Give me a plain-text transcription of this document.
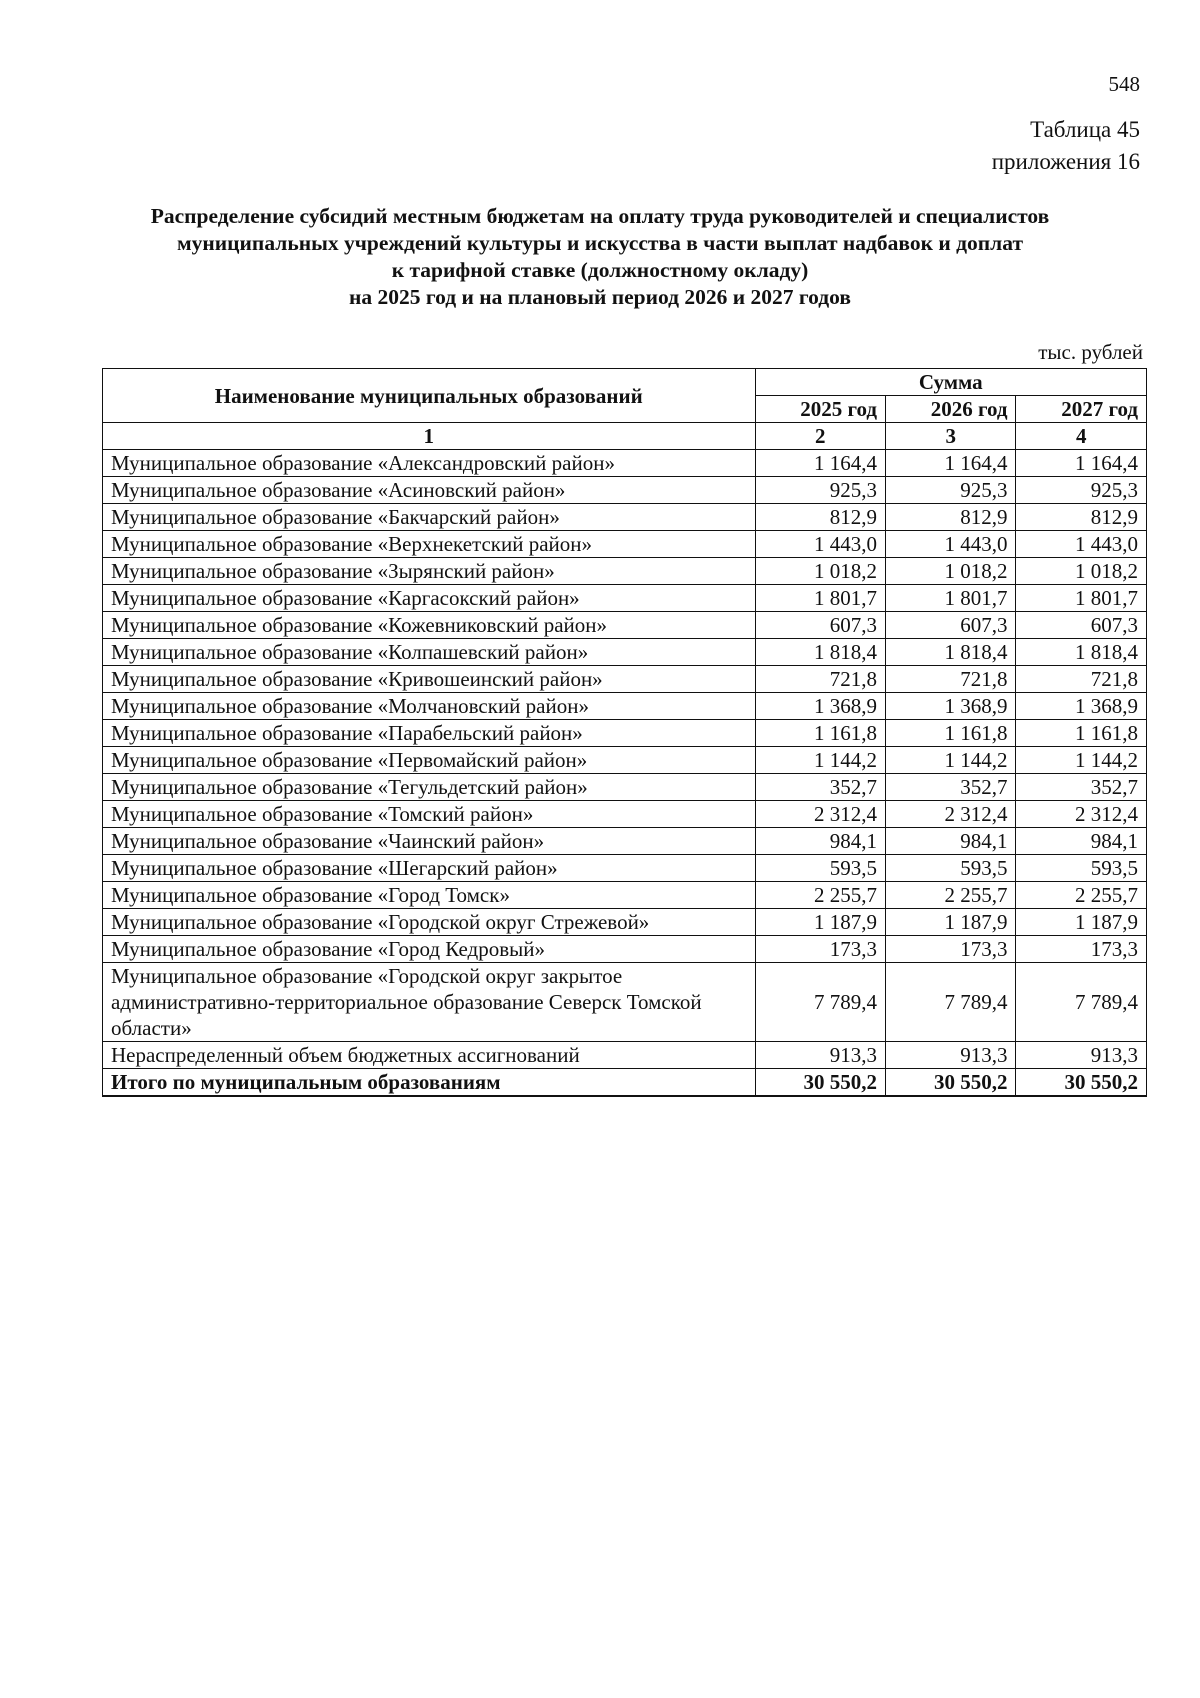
548
Таблица 45
приложения 16
Распределение субсидий местным бюджетам на оплату труда руководителей и специалистов
муниципальных учреждений культуры и искусства в части выплат надбавок и доплат
к тарифной ставке (должностному окладу)
на 2025 год и на плановый период 2026 и 2027 годов
тыс. рублей
Наименование муниципальных образований	Сумма		
	2025 год	2026 год	2027 год
1	2	3	4
Муниципальное образование «Александровский район»	1 164,4	1 164,4	1 164,4
Муниципальное образование «Асиновский район»	925,3	925,3	925,3
Муниципальное образование «Бакчарский район»	812,9	812,9	812,9
Муниципальное образование «Верхнекетский район»	1 443,0	1 443,0	1 443,0
Муниципальное образование «Зырянский район»	1 018,2	1 018,2	1 018,2
Муниципальное образование «Каргасокский район»	1 801,7	1 801,7	1 801,7
Муниципальное образование «Кожевниковский район»	607,3	607,3	607,3
Муниципальное образование «Колпашевский район»	1 818,4	1 818,4	1 818,4
Муниципальное образование «Кривошеинский район»	721,8	721,8	721,8
Муниципальное образование «Молчановский район»	1 368,9	1 368,9	1 368,9
Муниципальное образование «Парабельский район»	1 161,8	1 161,8	1 161,8
Муниципальное образование «Первомайский район»	1 144,2	1 144,2	1 144,2
Муниципальное образование «Тегульдетский район»	352,7	352,7	352,7
Муниципальное образование «Томский район»	2 312,4	2 312,4	2 312,4
Муниципальное образование «Чаинский район»	984,1	984,1	984,1
Муниципальное образование «Шегарский район»	593,5	593,5	593,5
Муниципальное образование «Город Томск»	2 255,7	2 255,7	2 255,7
Муниципальное образование «Городской округ Стрежевой»	1 187,9	1 187,9	1 187,9
Муниципальное образование «Город Кедровый»	173,3	173,3	173,3
Муниципальное образование «Городской округ закрытое административно-территориальное образование Северск Томской области»	7 789,4	7 789,4	7 789,4
Нераспределенный объем бюджетных ассигнований	913,3	913,3	913,3
Итого по муниципальным образованиям	30 550,2	30 550,2	30 550,2
